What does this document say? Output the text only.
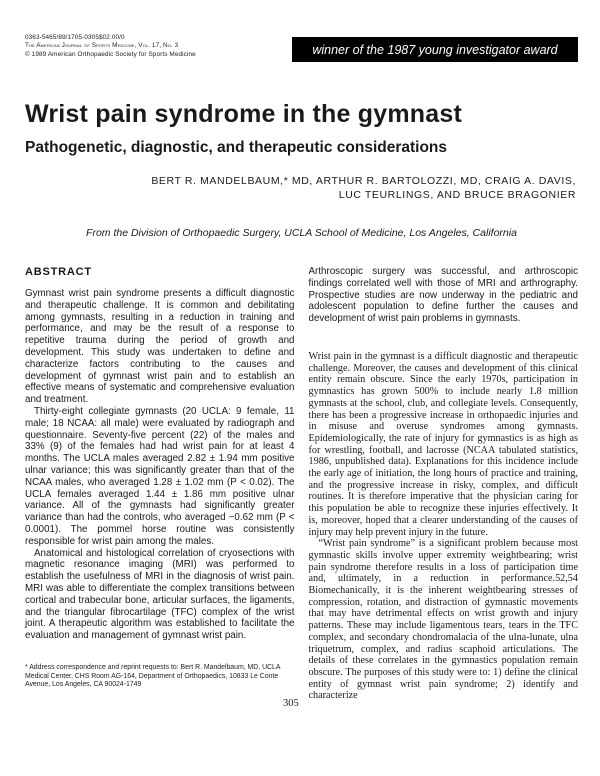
0363-5465/89/1705-0305$02.00/0
The American Journal of Sports Medicine, Vol. 17, No. 3
© 1989 American Orthopaedic Society for Sports Medicine	winner of the 1987 young investigator award
Wrist pain syndrome in the gymnast
Pathogenetic, diagnostic, and therapeutic considerations
BERT R. MANDELBAUM,* MD, ARTHUR R. BARTOLOZZI, MD, CRAIG A. DAVIS,
LUC TEURLINGS, AND BRUCE BRAGONIER
From the Division of Orthopaedic Surgery, UCLA School of Medicine, Los Angeles, California
ABSTRACT

Gymnast wrist pain syndrome presents a difficult diagnostic and therapeutic challenge. It is common and debilitating among gymnasts, resulting in a reduction in training and performance, and may be the result of a response to repetitive trauma during the period of growth and development. This study was undertaken to define and characterize factors contributing to the causes and development of gymnast wrist pain and to establish an effective means of systematic and comprehensive evaluation and treatment.

Thirty-eight collegiate gymnasts (20 UCLA: 9 female, 11 male; 18 NCAA: all male) were evaluated by radiograph and questionnaire. Seventy-five percent (22) of the males and 33% (9) of the females had had wrist pain for at least 4 months. The UCLA males averaged 2.82 ± 1.94 mm positive ulnar variance; this was significantly greater than that of the NCAA males, who averaged 1.28 ± 1.02 mm (P < 0.02). The UCLA females averaged 1.44 ± 1.86 mm positive ulnar variance. All of the gymnasts had significantly greater variance than had the controls, who averaged −0.62 mm (P < 0.0001). The pommel horse routine was consistently responsible for wrist pain among the males.

Anatomical and histological correlation of cryosections with magnetic resonance imaging (MRI) was performed to establish the usefulness of MRI in the diagnosis of wrist pain. MRI was able to differentiate the complex transitions between cortical and trabecular bone, articular surfaces, the ligaments, and the triangular fibrocartilage (TFC) complex of the wrist joint. A therapeutic algorithm was established to facilitate the evaluation and management of gymnast wrist pain.

* Address correspondence and reprint requests to: Bert R. Mandelbaum, MD, UCLA Medical Center, CHS Room AG-164, Department of Orthopaedics, 10833 Le Conte Avenue, Los Angeles, CA 90024-1749

Arthroscopic surgery was successful, and arthroscopic findings correlated well with those of MRI and arthrography. Prospective studies are now underway in the pediatric and adolescent population to define further the causes and development of wrist pain problems in gymnasts.

Wrist pain in the gymnast is a difficult diagnostic and therapeutic challenge. Moreover, the causes and development of this clinical entity remain obscure. Since the early 1970s, participation in gymnastics has grown 500% to include nearly 1.8 million gymnasts at the school, club, and collegiate levels. Consequently, there has been a progressive increase in orthopaedic injuries and in misuse and overuse syndromes among gymnasts. Epidemiologically, the rate of injury for gymnastics is as high as for wrestling, football, and lacrosse (NCAA tabulated statistics, 1986, unpublished data). Explanations for this incidence include the early age of initiation, the long hours of practice and training, and the progressive increase in risky, complex, and difficult routines. It is therefore imperative that the physician caring for this population be able to recognize these injuries effectively. It is, moreover, hoped that a clearer understanding of the causes of injury may help prevent injury in the future.

“Wrist pain syndrome” is a significant problem because most gymnastic skills involve upper extremity weightbearing; wrist pain syndrome therefore results in a loss of participation time and, ultimately, in a reduction in performance.52,54 Biomechanically, it is the inherent weightbearing stresses of compression, rotation, and distraction of gymnastic movements that may have detrimental effects on wrist growth and injury patterns. These may include ligamentous tears, tears in the TFC complex, and secondary chondromalacia of the ulna-lunate, ulna triquetrum, complex, and radius scaphoid articulations. The details of these correlates in the gymnastics population remain obscure. The purposes of this study were to: 1) define the clinical entity of gymnast wrist pain syndrome; 2) identify and characterize

305
